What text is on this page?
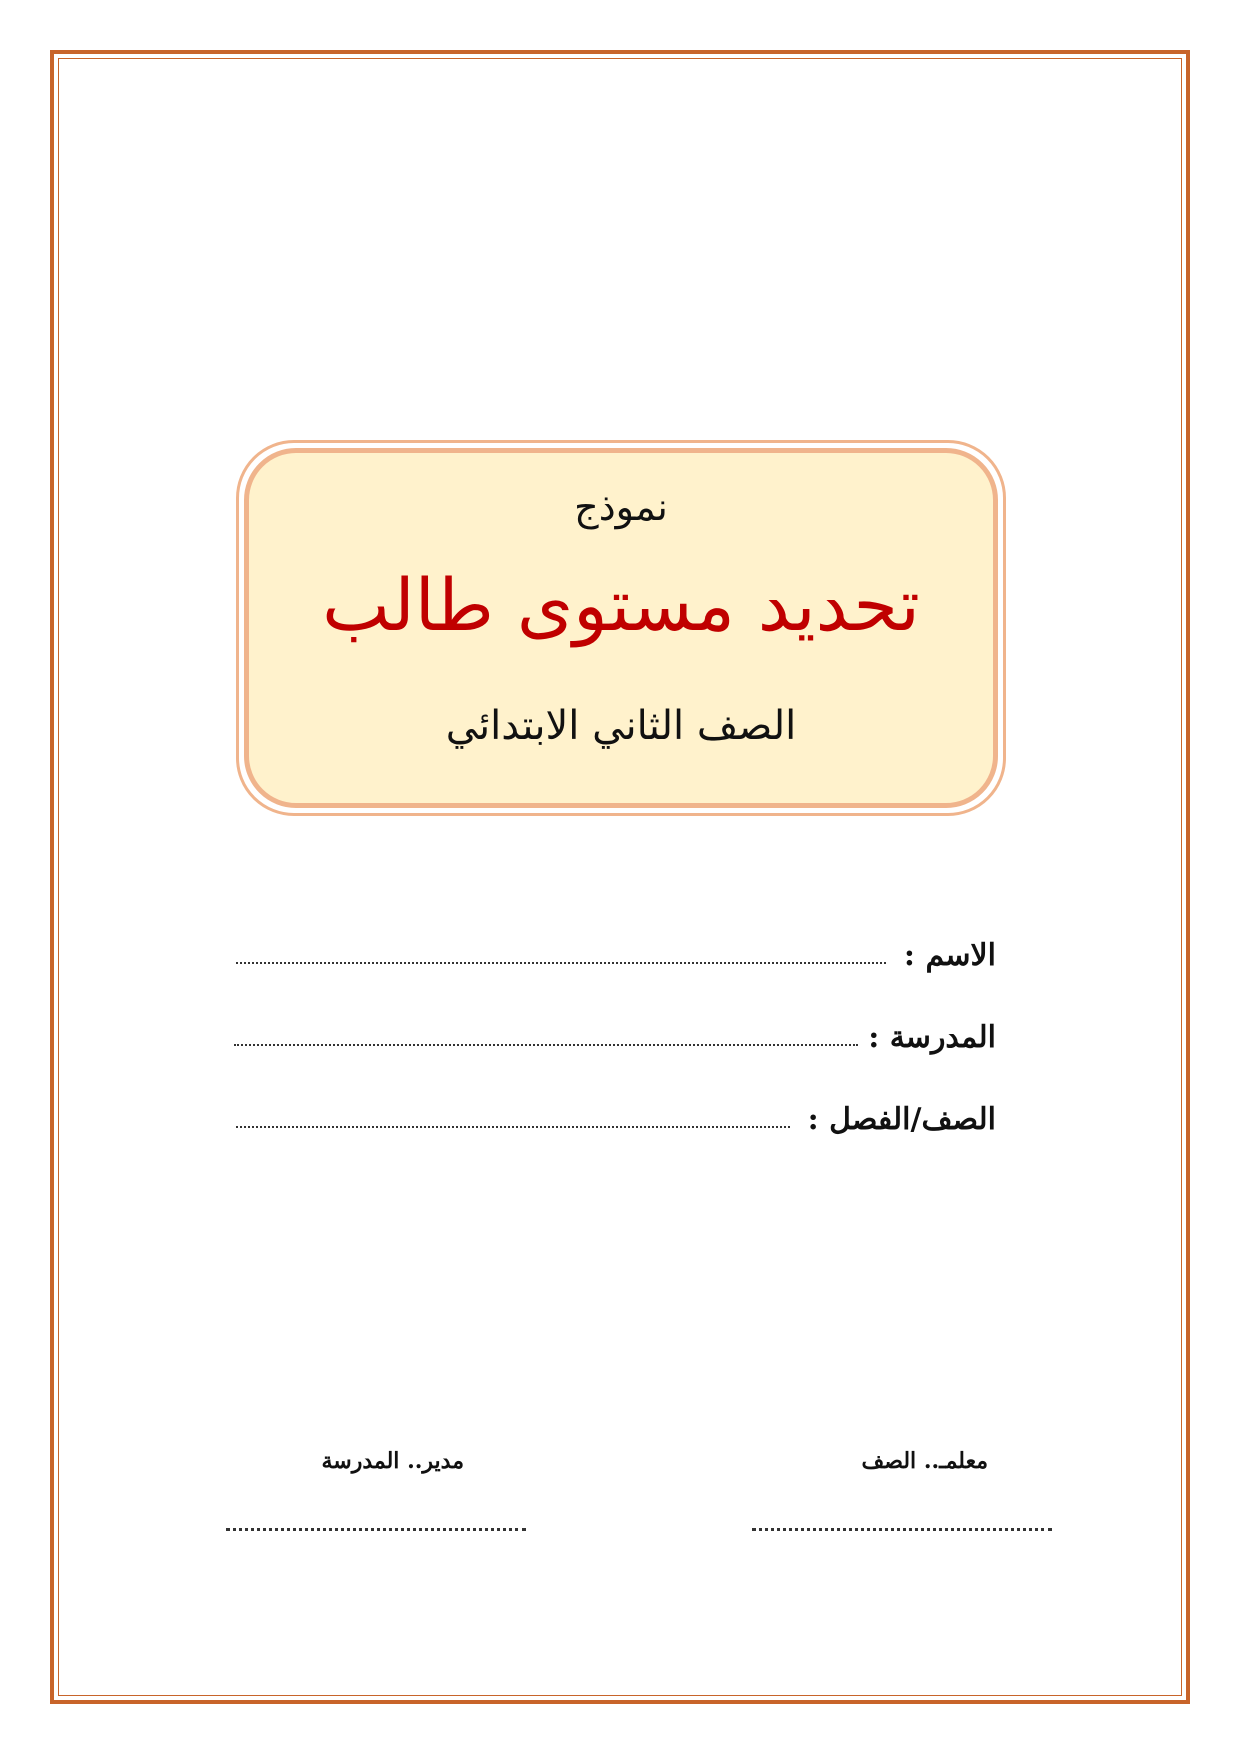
نموذج
تحديد مستوى طالب
الصف الثاني الابتدائي
الاسم :
المدرسة :
الصف/الفصل :
معلمـ.. الصف
مدير.. المدرسة
